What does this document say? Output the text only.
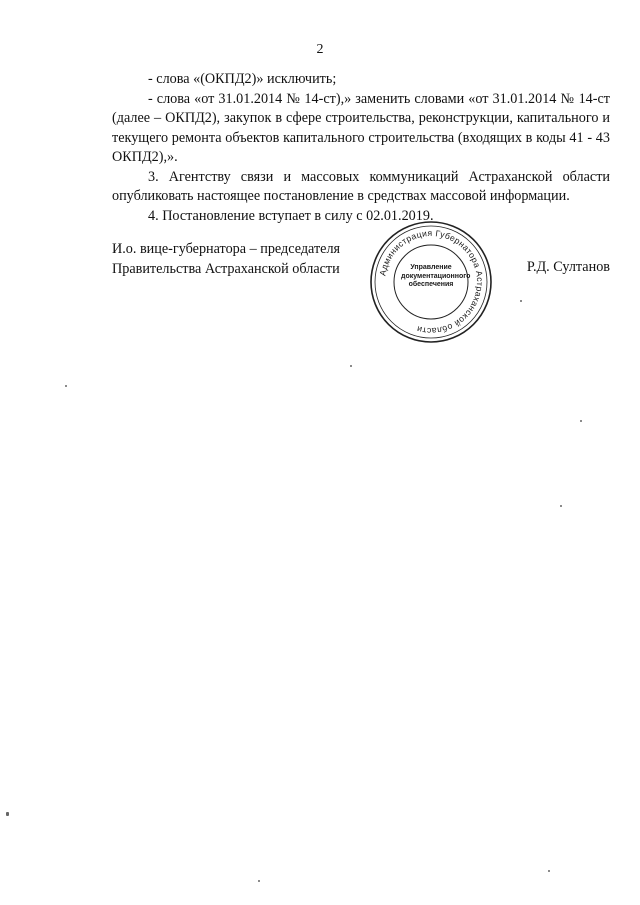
2

- слова «(ОКПД2)» исключить;

- слова «от 31.01.2014 № 14-ст),» заменить словами «от 31.01.2014 № 14-ст (далее – ОКПД2), закупок в сфере строительства, реконструкции, капитального и текущего ремонта объектов капитального строительства (входящих в коды 41 - 43 ОКПД2),».

3. Агентству связи и массовых коммуникаций Астраханской области опубликовать настоящее постановление в средствах массовой информации.

4. Постановление вступает в силу с 02.01.2019.

И.о. вице-губернатора – председателя
Правительства Астраханской области	Администрация Губернатора Астраханской области
Управление
документационного
обеспечения
Р.Д. Султанов
